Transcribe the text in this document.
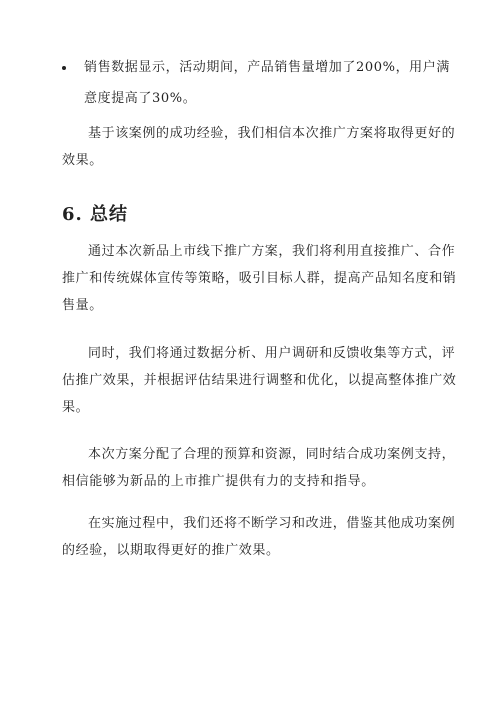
销售数据显示，活动期间，产品销售量增加了200%，用户满
意度提高了30%。
基于该案例的成功经验，我们相信本次推广方案将取得更好的
效果。
6. 总结
通过本次新品上市线下推广方案，我们将利用直接推广、合作
推广和传统媒体宣传等策略，吸引目标人群，提高产品知名度和销
售量。
同时，我们将通过数据分析、用户调研和反馈收集等方式，评
估推广效果，并根据评估结果进行调整和优化，以提高整体推广效
果。
本次方案分配了合理的预算和资源，同时结合成功案例支持，
相信能够为新品的上市推广提供有力的支持和指导。
在实施过程中，我们还将不断学习和改进，借鉴其他成功案例
的经验，以期取得更好的推广效果。
